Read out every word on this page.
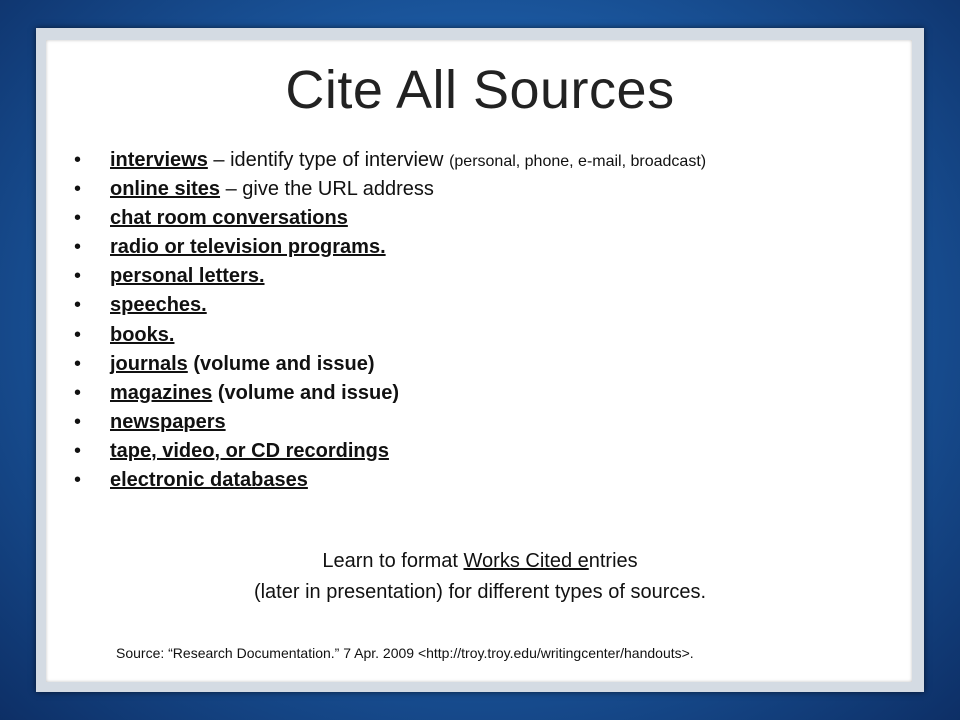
Cite All Sources
• interviews – identify type of interview (personal, phone, e-mail, broadcast)
• online sites – give the URL address
• chat room conversations
• radio or television programs.
• personal letters.
• speeches.
• books.
• journals (volume and issue)
• magazines (volume and issue)
• newspapers
• tape, video, or CD recordings
• electronic databases
Learn to format Works Cited entries
(later in presentation) for different types of sources.
Source: “Research Documentation.” 7 Apr. 2009 <http://troy.troy.edu/writingcenter/handouts>.
